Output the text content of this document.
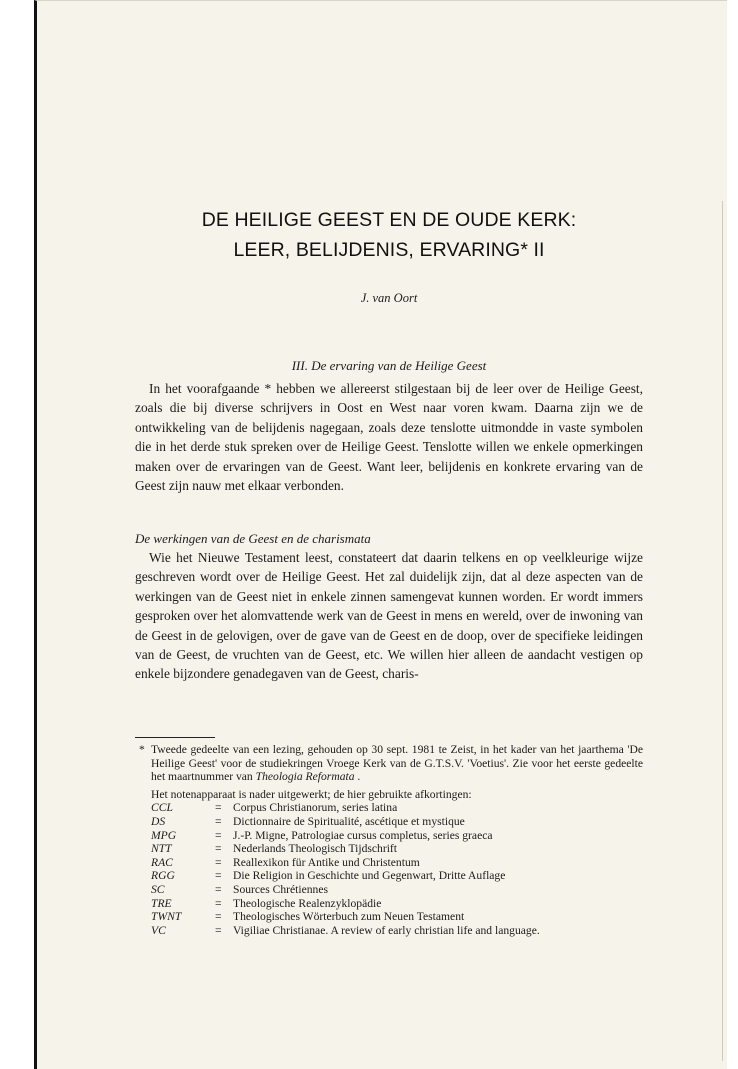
DE HEILIGE GEEST EN DE OUDE KERK:
LEER, BELIJDENIS, ERVARING* II
J. van Oort
III. De ervaring van de Heilige Geest

In het voorafgaande * hebben we allereerst stilgestaan bij de leer over de Heilige Geest, zoals die bij diverse schrijvers in Oost en West naar voren kwam. Daarna zijn we de ontwikkeling van de belijdenis nagegaan, zoals deze tenslotte uitmondde in vaste symbolen die in het derde stuk spreken over de Heilige Geest. Tenslotte willen we enkele opmerkingen maken over de ervaringen van de Geest. Want leer, belijdenis en konkrete ervaring van de Geest zijn nauw met elkaar verbonden.

De werkingen van de Geest en de charismata

Wie het Nieuwe Testament leest, constateert dat daarin telkens en op veelkleurige wijze geschreven wordt over de Heilige Geest. Het zal duidelijk zijn, dat al deze aspecten van de werkingen van de Geest niet in enkele zinnen samengevat kunnen worden. Er wordt immers gesproken over het alomvattende werk van de Geest in mens en wereld, over de inwoning van de Geest in de gelovigen, over de gave van de Geest en de doop, over de specifieke leidingen van de Geest, de vruchten van de Geest, etc. We willen hier alleen de aandacht vestigen op enkele bijzondere genadegaven van de Geest, charis-

* Tweede gedeelte van een lezing, gehouden op 30 sept. 1981 te Zeist, in het kader van het jaarthema 'De Heilige Geest' voor de studiekringen Vroege Kerk van de G.T.S.V. 'Voetius'. Zie voor het eerste gedeelte het maartnummer van Theologia Reformata .
Het notenapparaat is nader uitgewerkt; de hier gebruikte afkortingen:
CCL	= Corpus Christianorum, series latina
DS	= Dictionnaire de Spiritualité, ascétique et mystique
MPG	= J.-P. Migne, Patrologiae cursus completus, series graeca
NTT	= Nederlands Theologisch Tijdschrift
RAC	= Reallexikon für Antike und Christentum
RGG	= Die Religion in Geschichte und Gegenwart, Dritte Auflage
SC	= Sources Chrétiennes
TRE	= Theologische Realenzyklopädie
TWNT	= Theologisches Wörterbuch zum Neuen Testament
VC	= Vigiliae Christianae. A review of early christian life and language.
